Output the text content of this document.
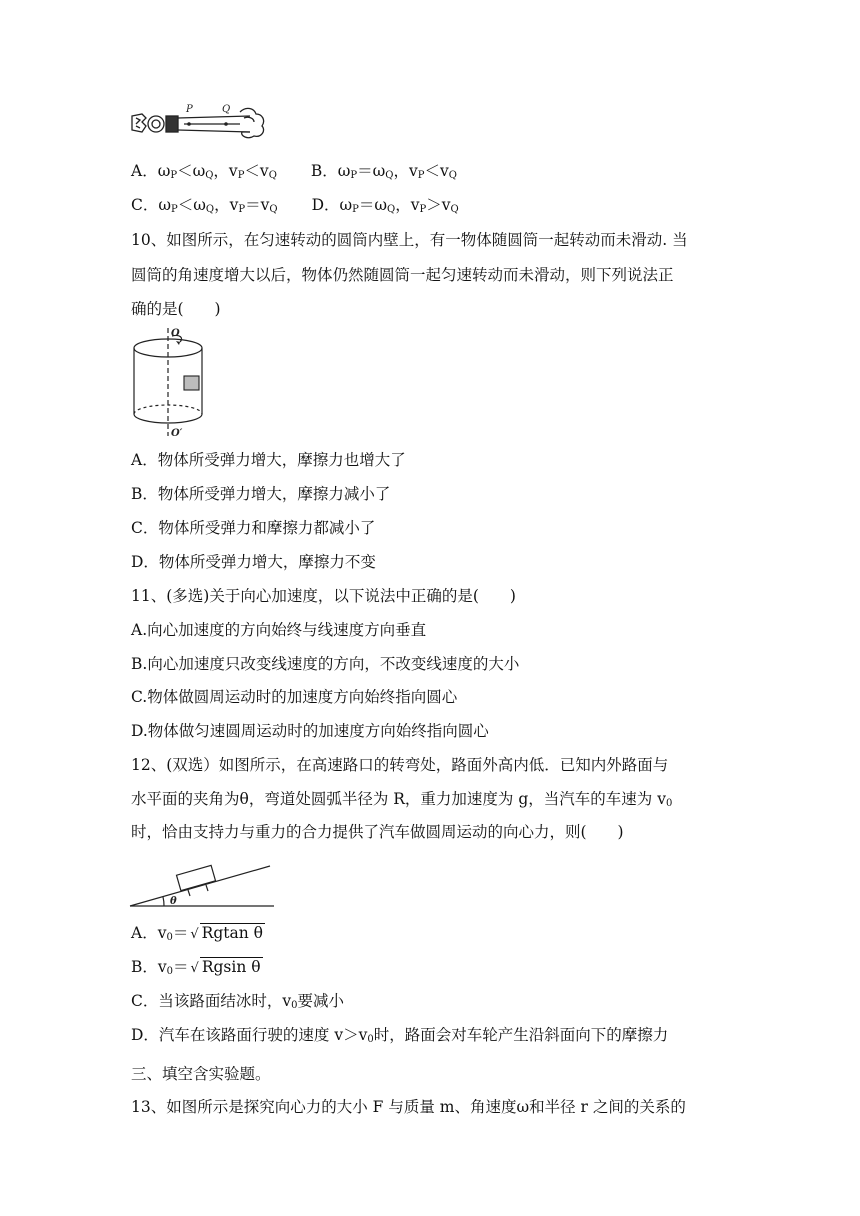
P	Q
A．$\omega_P<\omega_Q$，$v_P<v_Q$ B．$\omega_P=\omega_Q$，$v_P<v_Q$
C．$\omega_P<\omega_Q$，$v_P=v_Q$ D．$\omega_P=\omega_Q$，$v_P>v_Q$
10、如图所示，在匀速转动的圆筒内壁上，有一物体随圆筒一起转动而未滑动. 当
圆筒的角速度增大以后，物体仍然随圆筒一起匀速转动而未滑动，则下列说法正
确的是(　　)
O
O′
A．物体所受弹力增大，摩擦力也增大了
B．物体所受弹力增大，摩擦力减小了
C．物体所受弹力和摩擦力都减小了
D．物体所受弹力增大，摩擦力不变
11、(多选)关于向心加速度，以下说法中正确的是(　　)
A.向心加速度的方向始终与线速度方向垂直
B.向心加速度只改变线速度的方向，不改变线速度的大小
C.物体做圆周运动时的加速度方向始终指向圆心
D.物体做匀速圆周运动时的加速度方向始终指向圆心
12、(双选）如图所示，在高速路口的转弯处，路面外高内低．已知内外路面与
水平面的夹角为θ，弯道处圆弧半径为 R，重力加速度为 g，当汽车的车速为 $v_0$
时，恰由支持力与重力的合力提供了汽车做圆周运动的向心力，则(　　)
θ
A．$v_0=$ √ Rgtan θ
B．$v_0=$ √ Rgsin θ
C．当该路面结冰时，$v_0$要减小
D．汽车在该路面行驶的速度 $v>v_0$时，路面会对车轮产生沿斜面向下的摩擦力
三、填空含实验题。
13、如图所示是探究向心力的大小 F 与质量 m、角速度ω和半径 r 之间的关系的
